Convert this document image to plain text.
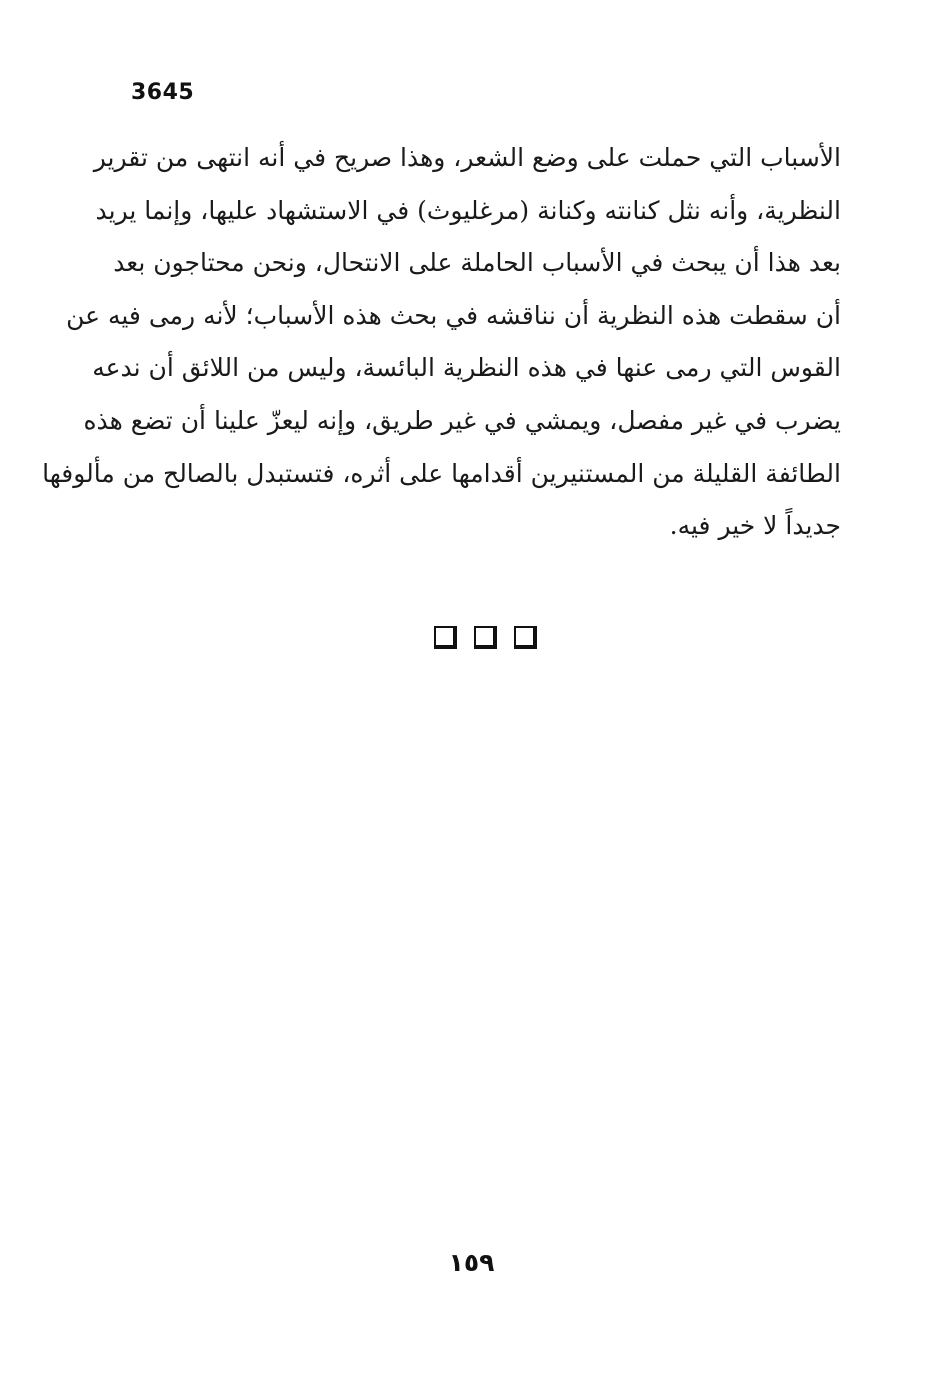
3645
الأسباب التي حملت على وضع الشعر، وهذا صريح في أنه انتهى من تقرير
النظرية، وأنه نثل كنانته وكنانة (مرغليوث) في الاستشهاد عليها، وإنما يريد
بعد هذا أن يبحث في الأسباب الحاملة على الانتحال، ونحن محتاجون بعد
أن سقطت هذه النظرية أن نناقشه في بحث هذه الأسباب؛ لأنه رمى فيه عن
القوس التي رمى عنها في هذه النظرية البائسة، وليس من اللائق أن ندعه
يضرب في غير مفصل، ويمشي في غير طريق، وإنه ليعزّ علينا أن تضع هذه
الطائفة القليلة من المستنيرين أقدامها على أثره، فتستبدل بالصالح من مألوفها
جديداً لا خير فيه.
١٥٩
